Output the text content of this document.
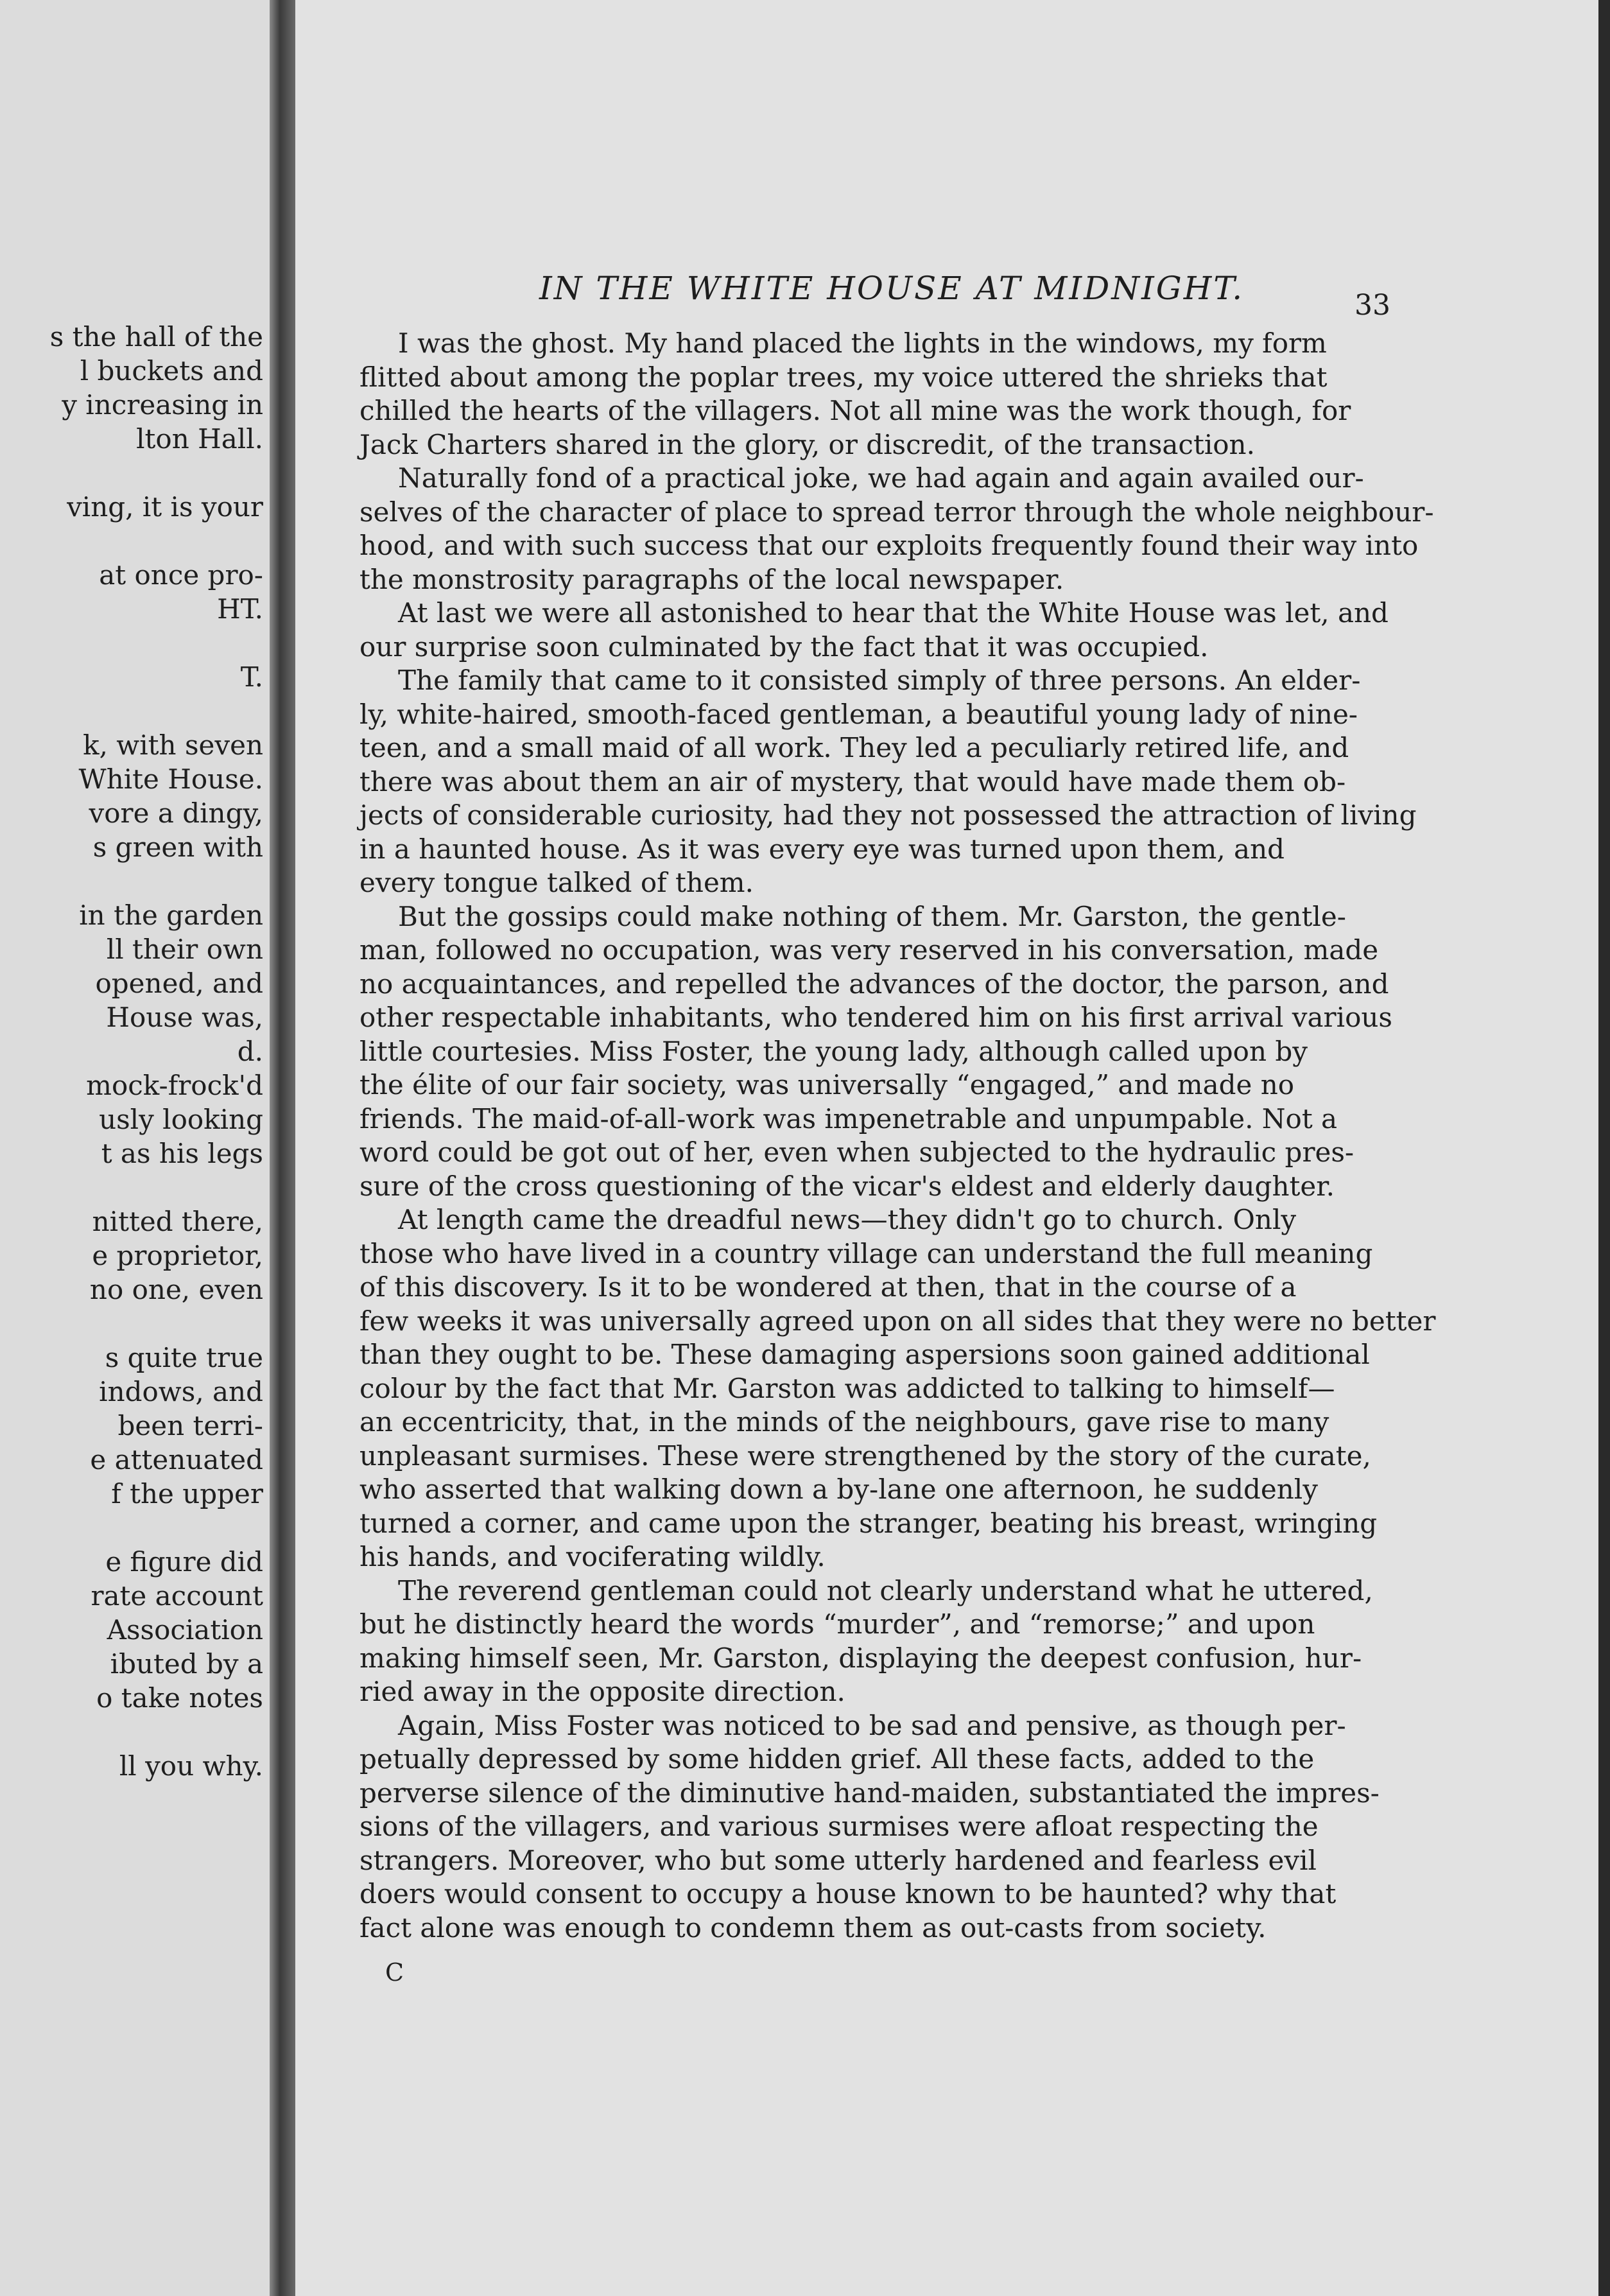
s the hall of the
l buckets and
y increasing in
lton Hall.
ving, it is your
at once pro-
HT.
T.
k, with seven
White House.
vore a dingy,
s green with
in the garden
ll their own
opened, and
House was,
d.
mock-frock'd
usly looking
t as his legs
nitted there,
e proprietor,
no one, even
s quite true
indows, and
been terri-
e attenuated
f the upper
e figure did
rate account
Association
ibuted by a
o take notes
ll you why.
IN THE WHITE HOUSE AT MIDNIGHT.	33
I was the ghost. My hand placed the lights in the windows, my form
flitted about among the poplar trees, my voice uttered the shrieks that
chilled the hearts of the villagers. Not all mine was the work though, for
Jack Charters shared in the glory, or discredit, of the transaction.
Naturally fond of a practical joke, we had again and again availed our-
selves of the character of place to spread terror through the whole neighbour-
hood, and with such success that our exploits frequently found their way into
the monstrosity paragraphs of the local newspaper.
At last we were all astonished to hear that the White House was let, and
our surprise soon culminated by the fact that it was occupied.
The family that came to it consisted simply of three persons. An elder-
ly, white-haired, smooth-faced gentleman, a beautiful young lady of nine-
teen, and a small maid of all work. They led a peculiarly retired life, and
there was about them an air of mystery, that would have made them ob-
jects of considerable curiosity, had they not possessed the attraction of living
in a haunted house. As it was every eye was turned upon them, and
every tongue talked of them.
But the gossips could make nothing of them. Mr. Garston, the gentle-
man, followed no occupation, was very reserved in his conversation, made
no acquaintances, and repelled the advances of the doctor, the parson, and
other respectable inhabitants, who tendered him on his first arrival various
little courtesies. Miss Foster, the young lady, although called upon by
the élite of our fair society, was universally “engaged,” and made no
friends. The maid-of-all-work was impenetrable and unpumpable. Not a
word could be got out of her, even when subjected to the hydraulic pres-
sure of the cross questioning of the vicar's eldest and elderly daughter.
At length came the dreadful news—they didn't go to church. Only
those who have lived in a country village can understand the full meaning
of this discovery. Is it to be wondered at then, that in the course of a
few weeks it was universally agreed upon on all sides that they were no better
than they ought to be. These damaging aspersions soon gained additional
colour by the fact that Mr. Garston was addicted to talking to himself—
an eccentricity, that, in the minds of the neighbours, gave rise to many
unpleasant surmises. These were strengthened by the story of the curate,
who asserted that walking down a by-lane one afternoon, he suddenly
turned a corner, and came upon the stranger, beating his breast, wringing
his hands, and vociferating wildly.
The reverend gentleman could not clearly understand what he uttered,
but he distinctly heard the words “murder”, and “remorse;” and upon
making himself seen, Mr. Garston, displaying the deepest confusion, hur-
ried away in the opposite direction.
Again, Miss Foster was noticed to be sad and pensive, as though per-
petually depressed by some hidden grief. All these facts, added to the
perverse silence of the diminutive hand-maiden, substantiated the impres-
sions of the villagers, and various surmises were afloat respecting the
strangers. Moreover, who but some utterly hardened and fearless evil
doers would consent to occupy a house known to be haunted? why that
fact alone was enough to condemn them as out-casts from society.
C
